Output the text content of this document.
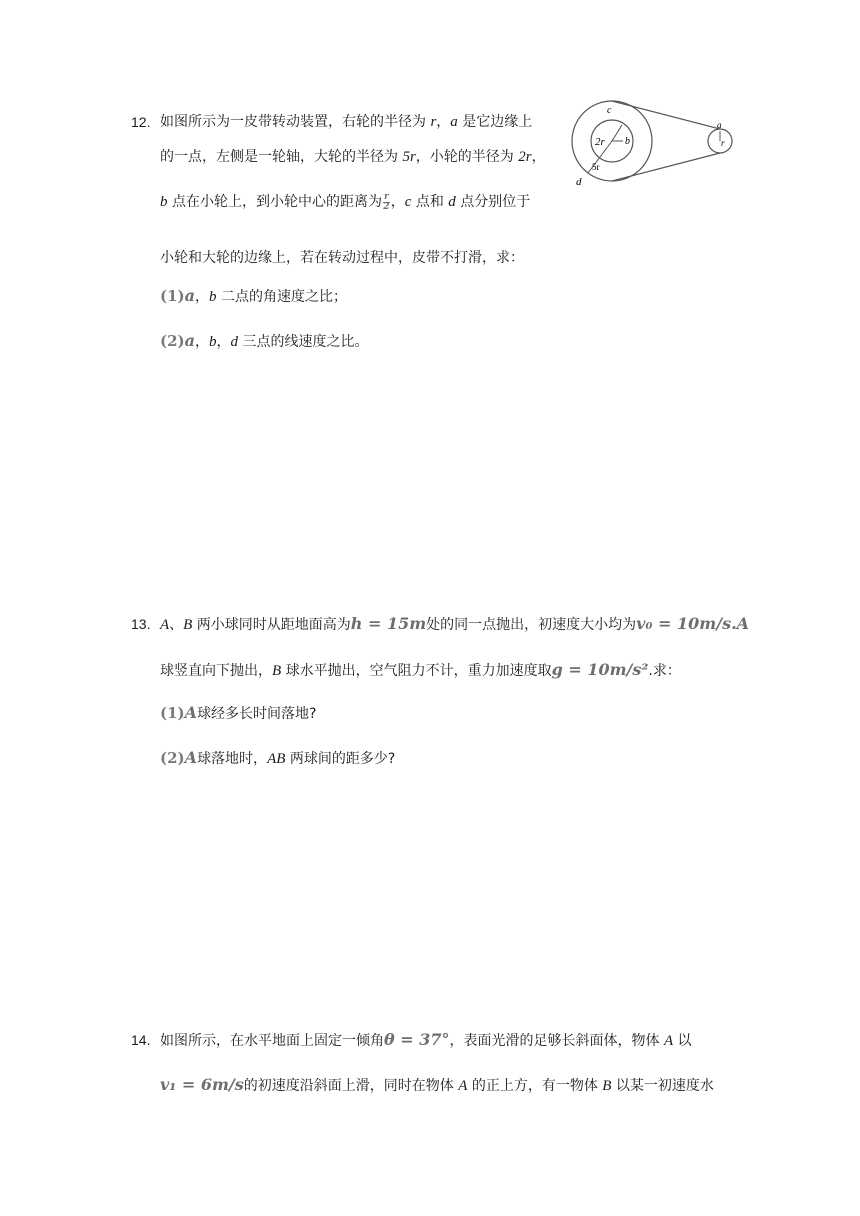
12. 如图所示为一皮带转动装置，右轮的半径为 r，a 是它边缘上
的一点，左侧是一轮轴，大轮的半径为 5r，小轮的半径为 2r，
b 点在小轮上，到小轮中心的距离为 $\frac{r}{2}$ ，c 点和 d 点分别位于
小轮和大轮的边缘上，若在转动过程中，皮带不打滑，求：
(1)a，b 二点的角速度之比；
(2)a，b，d 三点的线速度之比。
c
2r b
5r
d
a
r
13. A、B 两小球同时从距地面高为h = 15m处的同一点抛出，初速度大小均为v₀ = 10m/s.A
球竖直向下抛出，B 球水平抛出，空气阻力不计，重力加速度取g = 10m/s².求：
(1)A球经多长时间落地?
(2)A球落地时，AB 两球间的距多少?
14. 如图所示，在水平地面上固定一倾角θ = 37°，表面光滑的足够长斜面体，物体 A 以
v₁ = 6m/s的初速度沿斜面上滑，同时在物体 A 的正上方，有一物体 B 以某一初速度水
